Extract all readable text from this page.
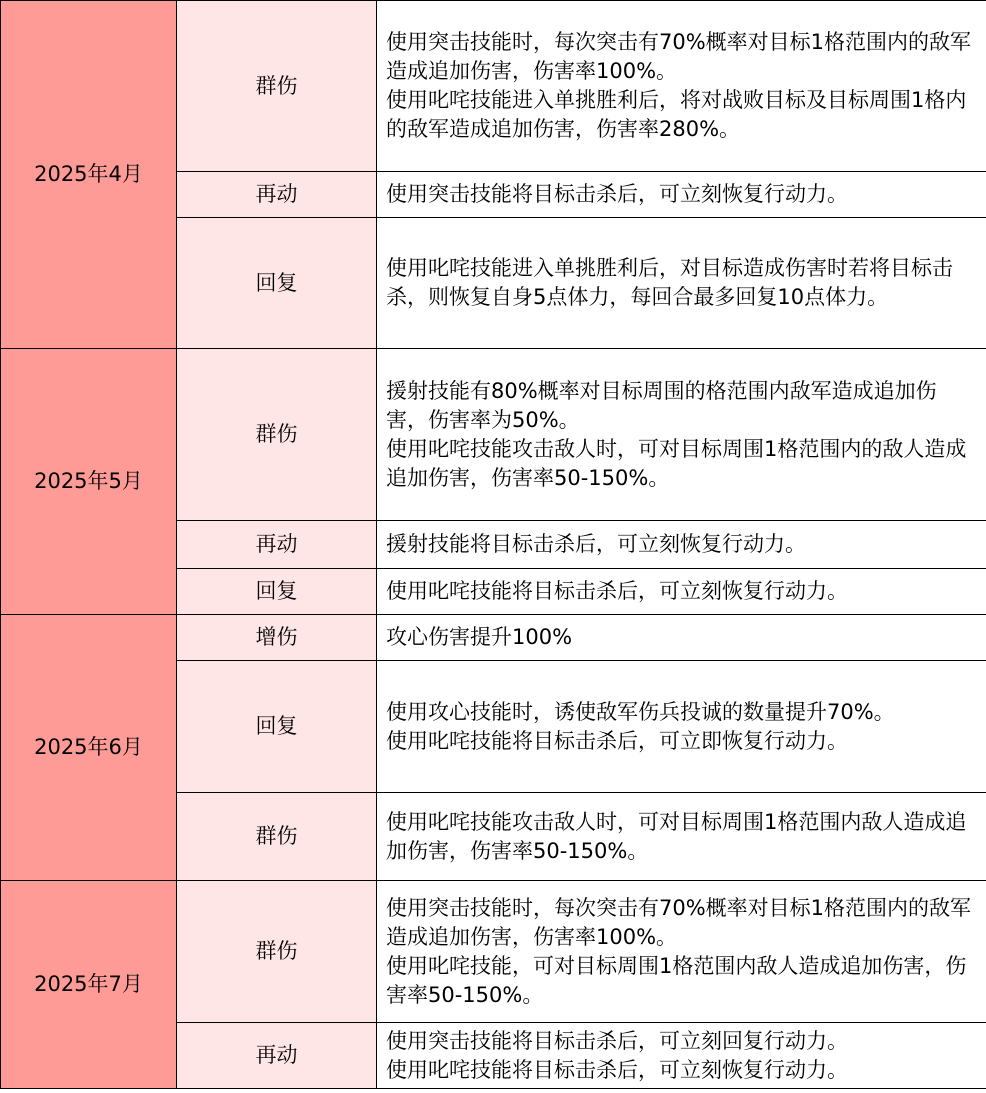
2025年4月	群伤	使用突击技能时，每次突击有70%概率对目标1格范围内的敌军造成追加伤害，伤害率100%。
使用叱咤技能进入单挑胜利后，将对战败目标及目标周围1格内的敌军造成追加伤害，伤害率280%。

	再动	使用突击技能将目标击杀后，可立刻恢复行动力。

	回复	使用叱咤技能进入单挑胜利后，对目标造成伤害时若将目标击杀，则恢复自身5点体力，每回合最多回复10点体力。

2025年5月	群伤	援射技能有80%概率对目标周围的格范围内敌军造成追加伤害，伤害率为50%。
使用叱咤技能攻击敌人时，可对目标周围1格范围内的敌人造成追加伤害，伤害率50-150%。

	再动	援射技能将目标击杀后，可立刻恢复行动力。

	回复	使用叱咤技能将目标击杀后，可立刻恢复行动力。

2025年6月	增伤	攻心伤害提升100%

	回复	使用攻心技能时，诱使敌军伤兵投诚的数量提升70%。
使用叱咤技能将目标击杀后，可立即恢复行动力。

	群伤	使用叱咤技能攻击敌人时，可对目标周围1格范围内敌人造成追加伤害，伤害率50-150%。

2025年7月	群伤	使用突击技能时，每次突击有70%概率对目标1格范围内的敌军造成追加伤害，伤害率100%。
使用叱咤技能，可对目标周围1格范围内敌人造成追加伤害，伤害率50-150%。

	再动	使用突击技能将目标击杀后，可立刻回复行动力。
使用叱咤技能将目标击杀后，可立刻恢复行动力。
